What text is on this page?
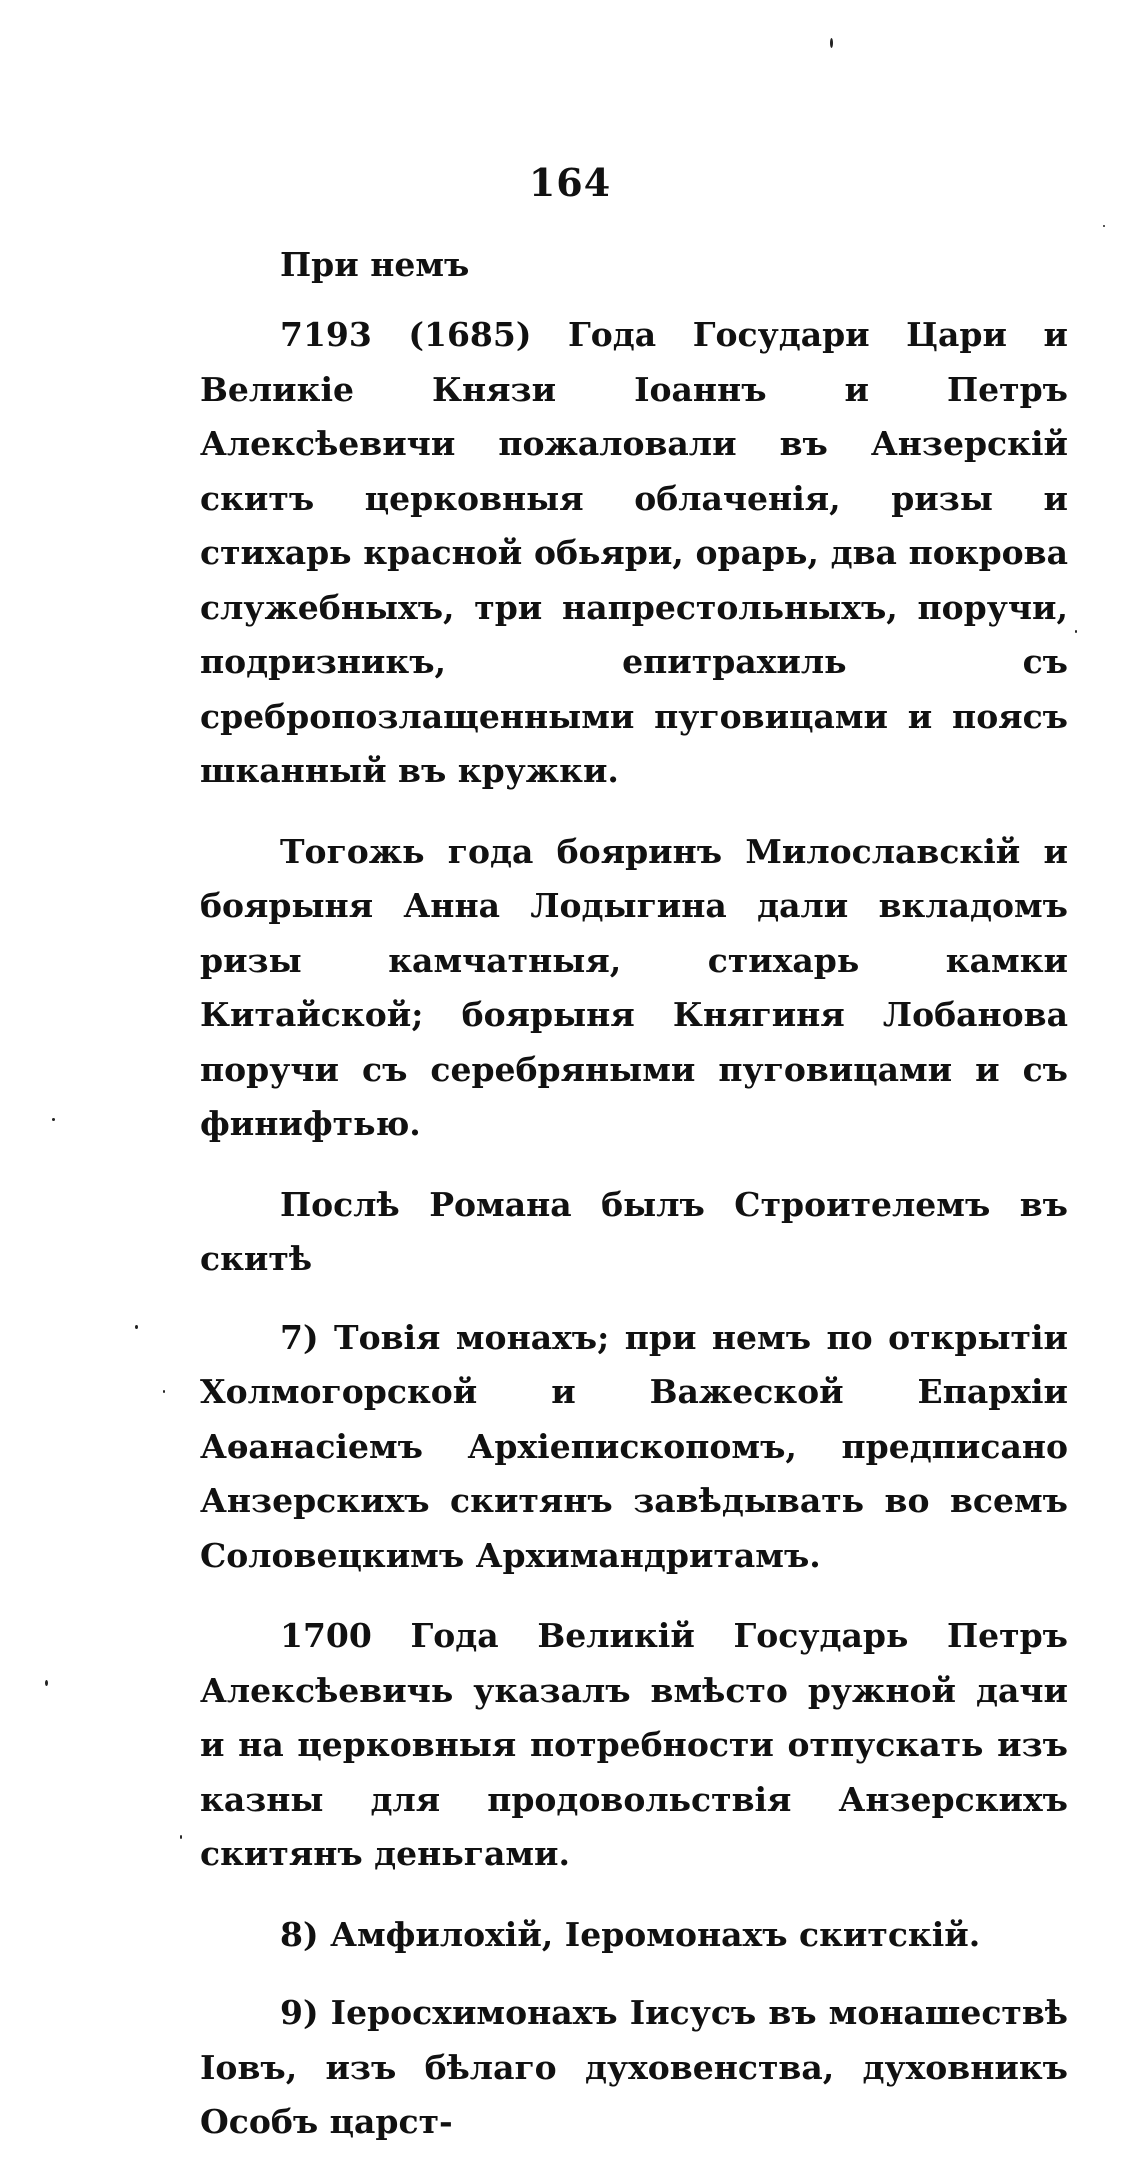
164
При немъ

7193 (1685) Года Государи Цари и Великіе Князи Іоаннъ и Петръ Алексѣевичи пожаловали въ Анзерскій скитъ церковныя облаченія, ризы и стихарь красной обьяри, орарь, два покрова служебныхъ, три напрестольныхъ, поручи, подризникъ, епитрахиль съ сребропозлащенными пуговицами и поясъ шканный въ кружки.

Тогожь года бояринъ Милославскій и боярыня Анна Лодыгина дали вкладомъ ризы камчатныя, стихарь камки Китайской; боярыня Княгиня Лобанова поручи съ серебряными пуговицами и съ финифтью.

Послѣ Романа былъ Строителемъ въ скитѣ

7) Товія монахъ; при немъ по открытіи Холмогорской и Важеской Епархіи Аѳанасіемъ Архіепископомъ, предписано Анзерскихъ скитянъ завѣдывать во всемъ Соловецкимъ Архимандритамъ.

1700 Года Великій Государь Петръ Алексѣевичь указалъ вмѣсто ружной дачи и на церковныя потребности отпускать изъ казны для продовольствія Анзерскихъ скитянъ деньгами.

8) Амфилохій, Іеромонахъ скитскій.

9) Іеросхимонахъ Іисусъ въ монашествѣ Іовъ, изъ бѣлаго духовенства, духовникъ Особъ царст-
